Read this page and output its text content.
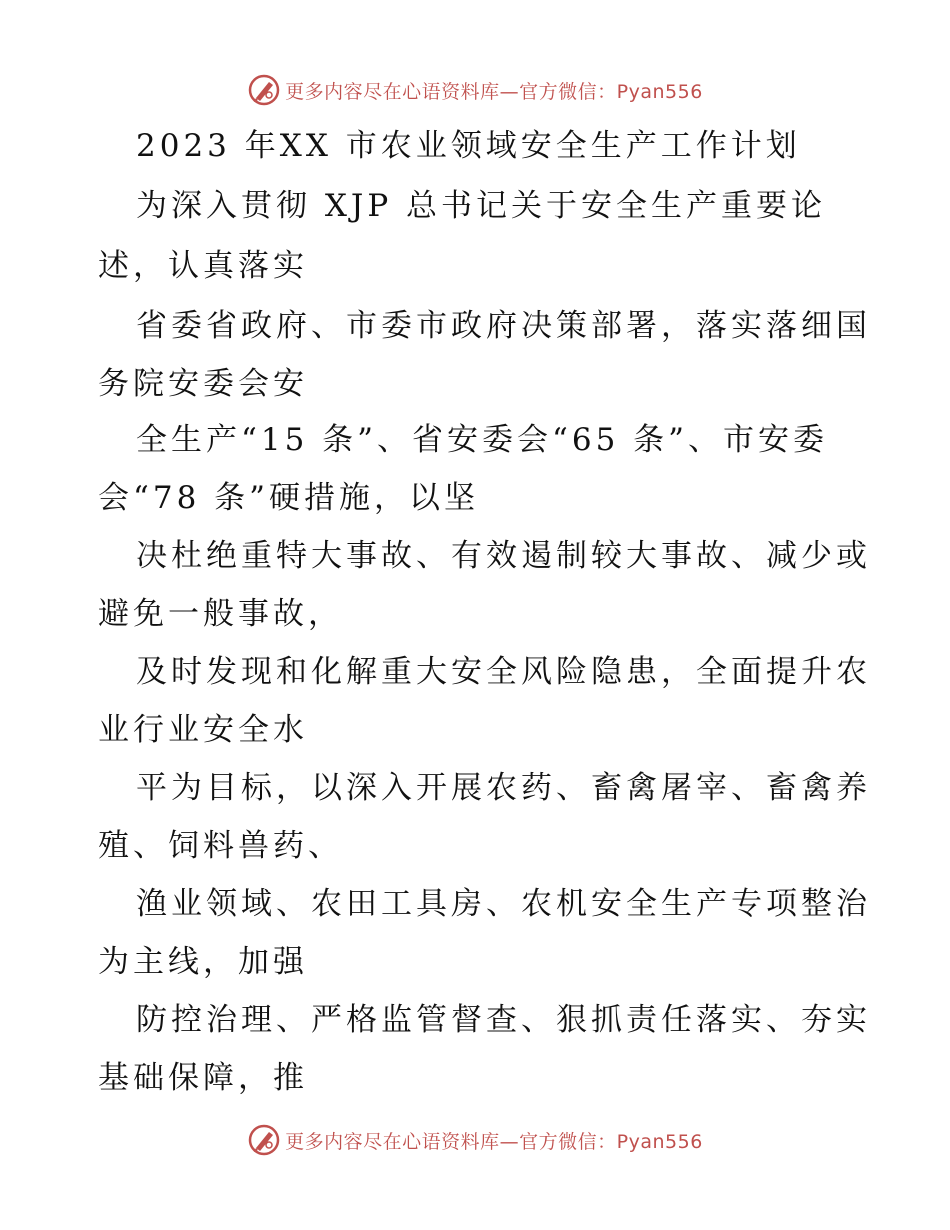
更多内容尽在心语资料库—官方微信：Pyan556
2023 年XX 市农业领域安全生产工作计划
为深入贯彻 XJP 总书记关于安全生产重要论
述，认真落实
省委省政府、市委市政府决策部署，落实落细国
务院安委会安
全生产“15 条”、省安委会“65 条”、市安委
会“78 条”硬措施，以坚
决杜绝重特大事故、有效遏制较大事故、减少或
避免一般事故，
及时发现和化解重大安全风险隐患，全面提升农
业行业安全水
平为目标，以深入开展农药、畜禽屠宰、畜禽养
殖、饲料兽药、
渔业领域、农田工具房、农机安全生产专项整治
为主线，加强
防控治理、严格监管督查、狠抓责任落实、夯实
基础保障，推
更多内容尽在心语资料库—官方微信：Pyan556
